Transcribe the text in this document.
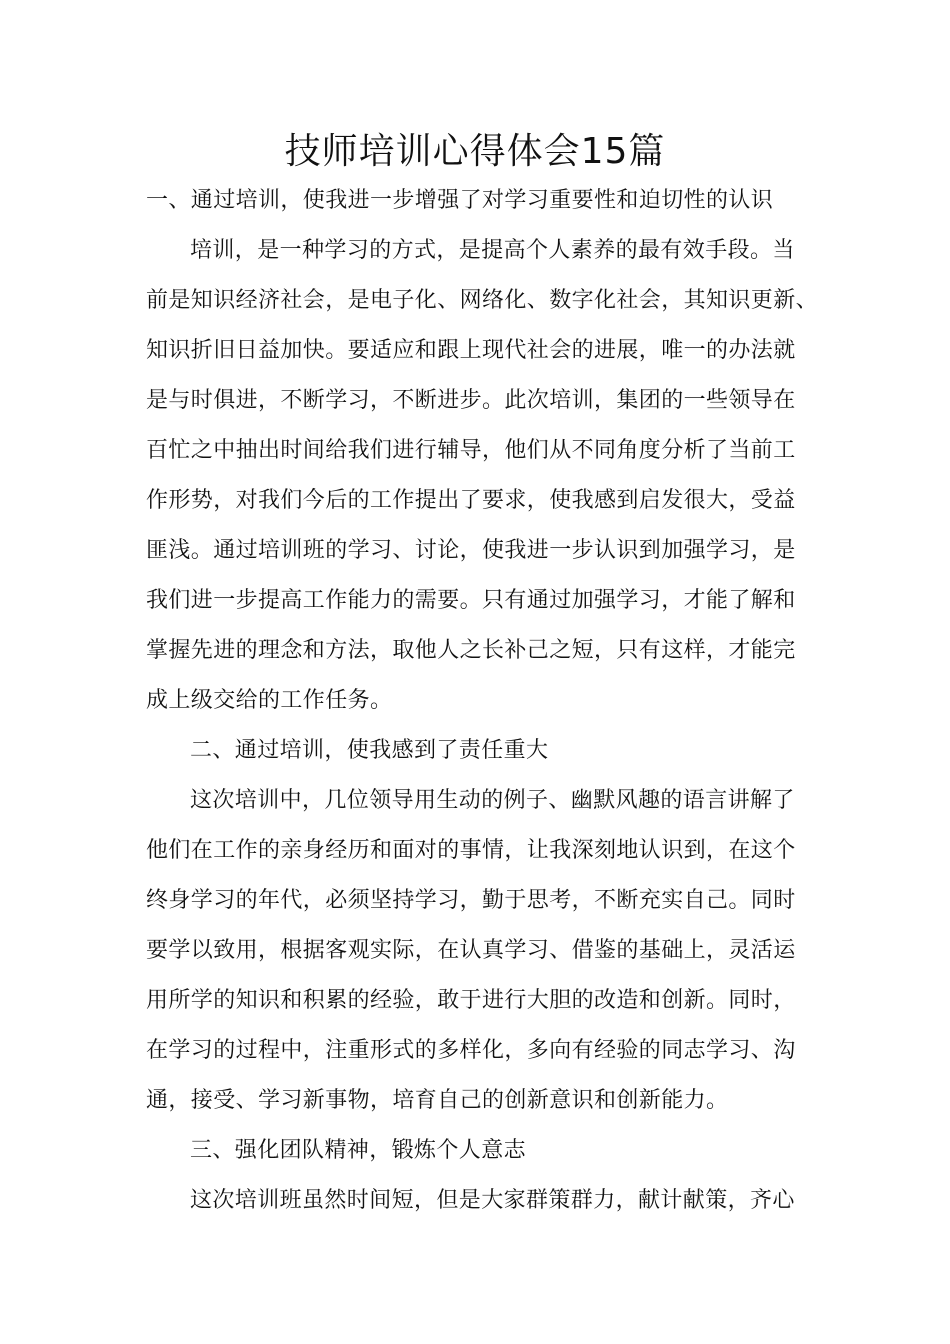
技师培训心得体会15篇
一、通过培训，使我进一步增强了对学习重要性和迫切性的认识
培训，是一种学习的方式，是提高个人素养的最有效手段。当
前是知识经济社会，是电子化、网络化、数字化社会，其知识更新、
知识折旧日益加快。要适应和跟上现代社会的进展，唯一的办法就
是与时俱进，不断学习，不断进步。此次培训，集团的一些领导在
百忙之中抽出时间给我们进行辅导，他们从不同角度分析了当前工
作形势，对我们今后的工作提出了要求，使我感到启发很大，受益
匪浅。通过培训班的学习、讨论，使我进一步认识到加强学习，是
我们进一步提高工作能力的需要。只有通过加强学习，才能了解和
掌握先进的理念和方法，取他人之长补己之短，只有这样，才能完
成上级交给的工作任务。
二、通过培训，使我感到了责任重大
这次培训中，几位领导用生动的例子、幽默风趣的语言讲解了
他们在工作的亲身经历和面对的事情，让我深刻地认识到，在这个
终身学习的年代，必须坚持学习，勤于思考，不断充实自己。同时
要学以致用，根据客观实际，在认真学习、借鉴的基础上，灵活运
用所学的知识和积累的经验，敢于进行大胆的改造和创新。同时，
在学习的过程中，注重形式的多样化，多向有经验的同志学习、沟
通，接受、学习新事物，培育自己的创新意识和创新能力。
三、强化团队精神，锻炼个人意志
这次培训班虽然时间短，但是大家群策群力，献计献策，齐心
